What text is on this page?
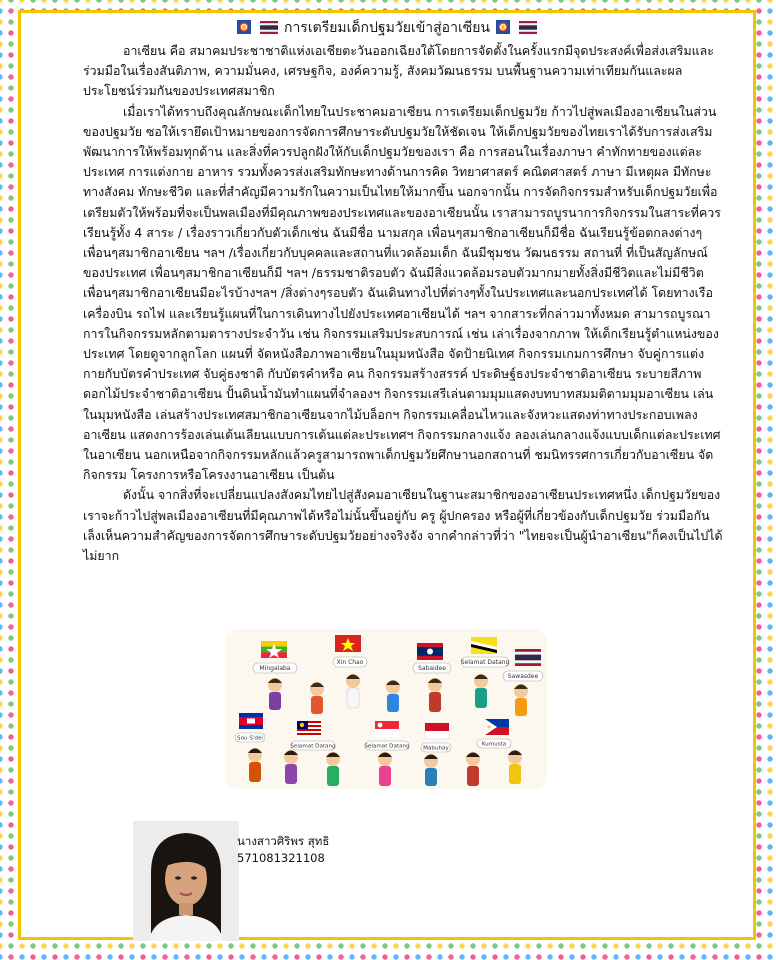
การเตรียมเด็กปฐมวัยเข้าสู่อาเซียน

อาเซียน คือ สมาคมประชาชาติแห่งเอเชียตะวันออกเฉียงใต้โดยการจัดตั้งในครั้งแรกมีจุดประสงค์เพื่อส่งเสริมและร่วมมือในเรื่องสันติภาพ, ความมั่นคง, เศรษฐกิจ, องค์ความรู้, สังคมวัฒนธรรม บนพื้นฐานความเท่าเทียมกันและผลประโยชน์ร่วมกันของประเทศสมาชิก

เมื่อเราได้ทราบถึงคุณลักษณะเด็กไทยในประชาคมอาเซียน การเตรียมเด็กปฐมวัย ก้าวไปสู่พลเมืองอาเซียนในส่วนของปฐมวัย ซอให้เรายึดเป้าหมายของการจัดการศึกษาระดับปฐมวัยให้ชัดเจน ให้เด็กปฐมวัยของไทยเราได้รับการส่งเสริมพัฒนาการให้พร้อมทุกด้าน และสิ่งที่ควรปลูกฝังให้กับเด็กปฐมวัยของเรา คือ การสอนในเรื่องภาษา คำทักทายของแต่ละประเทศ การแต่งกาย อาหาร รวมทั้งควรส่งเสริมทักษะทางด้านการคิด วิทยาศาสตร์ คณิตศาสตร์ ภาษา มีเหตุผล มีทักษะทางสังคม ทักษะชีวิต และที่สำคัญมีความรักในความเป็นไทยให้มากขึ้น นอกจากนั้น การจัดกิจกรรมสำหรับเด็กปฐมวัยเพื่อเตรียมตัวให้พร้อมที่จะเป็นพลเมืองที่มีคุณภาพของประเทศและของอาเซียนนั้น เราสามารถบูรนาการกิจกรรมในสาระที่ควรเรียนรู้ทั้ง 4 สาระ / เรื่องราวเกี่ยวกับตัวเด็กเช่น ฉันมีชื่อ นามสกุล เพื่อนๆสมาชิกอาเซียนก็มีชื่อ ฉันเรียนรู้ข้อตกลงต่างๆเพื่อนๆสมาชิกอาเซียน ฯลฯ /เรื่องเกี่ยวกับบุคคลและสถานที่แวดล้อมเด็ก ฉันมีชุมชน วัฒนธรรม สถานที่ ที่เป็นสัญลักษณ์ของประเทศ เพื่อนๆสมาชิกอาเซียนก็มี ฯลฯ /ธรรมชาติรอบตัว ฉันมีสิ่งแวดล้อมรอบตัวมากมายทั้งสิ่งมีชีวิตและไม่มีชีวิต เพื่อนๆสมาชิกอาเซียนมีอะไรบ้างฯลฯ /สิ่งต่างๆรอบตัว ฉันเดินทางไปที่ต่างๆทั้งในประเทศและนอกประเทศได้ โดยทางเรือ เครื่องบิน รถไฟ และเรียนรู้แผนที่ในการเดินทางไปยังประเทศอาเซียนได้ ฯลฯ จากสาระที่กล่าวมาทั้งหมด สามารถบูรณาการในกิจกรรมหลักตามตารางประจำวัน เช่น กิจกรรมเสริมประสบการณ์ เช่น เล่าเรื่องจากภาพ ให้เด็กเรียนรู้ตำแหน่งของประเทศ โดยดูจากลูกโลก แผนที่ จัดหนังสือภาพอาเซียนในมุมหนังสือ จัดป้ายนิเทศ กิจกรรมเกมการศึกษา จับคู่การแต่งกายกับบัตรคำประเทศ จับคู่ธงชาติ กับบัตรคำหรือ คน กิจกรรมสร้างสรรค์ ประดิษฐ์ธงประจำชาติอาเซียน ระบายสีภาพดอกไม้ประจำชาติอาเซียน ปั้นดินน้ำมันทำแผนที่จำลองฯ กิจกรรมเสรีเล่นตามมุมแสดงบทบาทสมมติตามมุมอาเซียน เล่นในมุมหนังสือ เล่นสร้างประเทศสมาชิกอาเซียนจากไม้บล็อกฯ กิจกรรมเคลื่อนไหวและจังหวะแสดงท่าทางประกอบเพลงอาเซียน แสดงการร้องเล่นเต้นเลียนแบบการเต้นแต่ละประเทศฯ กิจกรรมกลางแจ้ง ลองเล่นกลางแจ้งแบบเด็กแต่ละประเทศในอาเซียน นอกเหนือจากกิจกรรมหลักแล้วครูสามารถพาเด็กปฐมวัยศึกษานอกสถานที่ ชมนิทรรศการเกี่ยวกับอาเซียน จัดกิจกรรม โครงการหรือโครงงานอาเซียน เป็นต้น

ดังนั้น จากสิ่งที่จะเปลี่ยนแปลงสังคมไทยไปสู่สังคมอาเซียนในฐานะสมาชิกของอาเซียนประเทศหนึ่ง เด็กปฐมวัยของเราจะก้าวไปสู่พลเมืองอาเซียนที่มีคุณภาพได้หรือไม่นั้นขึ้นอยู่กับ ครู ผู้ปกครอง หรือผู้ที่เกี่ยวข้องกับเด็กปฐมวัย ร่วมมือกันเล็งเห็นความสำคัญของการจัดการศึกษาระดับปฐมวัยอย่างจริงจัง จากคำกล่าวที่ว่า "ไทยจะเป็นผู้นำอาเซียน"ก็คงเป็นไปได้ไม่ยาก

Mingalaba
Xin Chao
Sabaidee
Selamat Datang
Sawasdee
Sou S'dei
Selamat Datang	Selamat Datang Mabuhay
Kumusta
นางสาวศิริพร สุทธิ
571081321108
